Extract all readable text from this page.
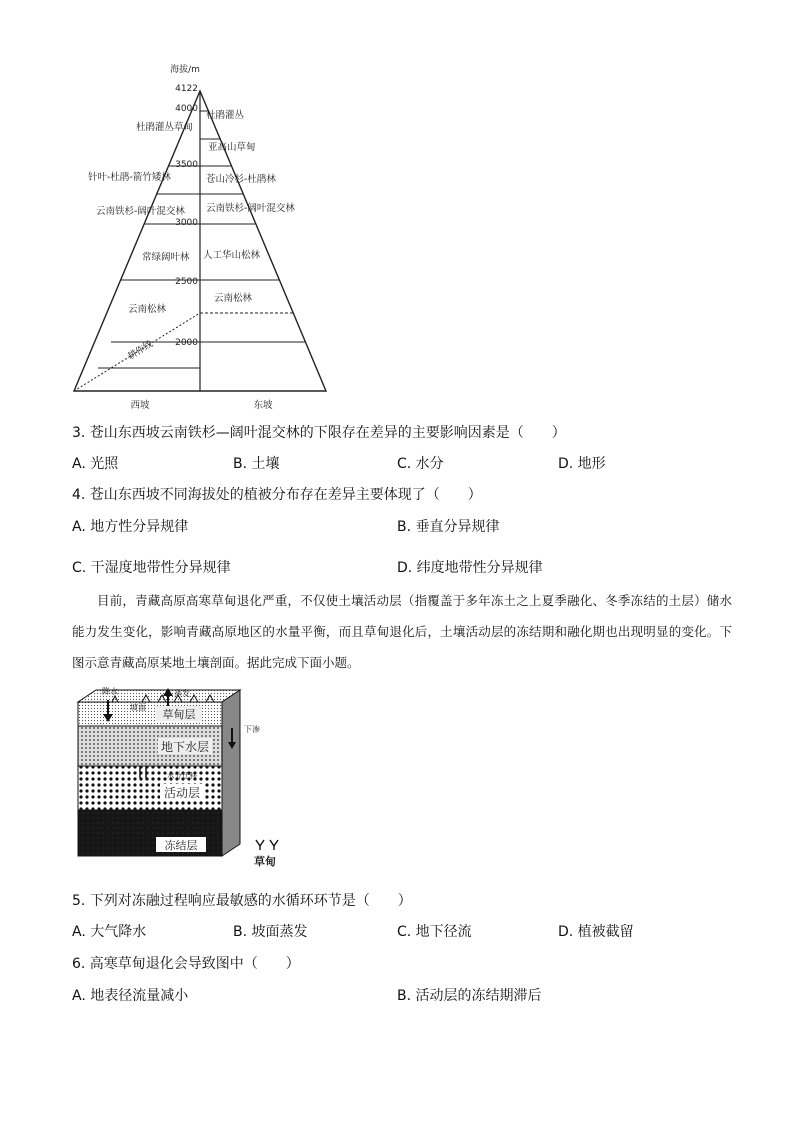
海拔/m
4122
4000
3500
3000
2500
2000
杜鹃灌丛草甸
针叶-杜鹃-箭竹矮林
云南铁杉-阔叶混交林
常绿阔叶林
云南松林
耕作线
杜鹃灌丛
亚高山草甸
苍山冷杉-杜鹃林
云南铁杉-阔叶混交林
人工华山松林
云南松林
西坡	东坡
3. 苍山东西坡云南铁杉—阔叶混交林的下限存在差异的主要影响因素是（　　）
A. 光照	B. 土壤	C. 水分	D. 地形
4. 苍山东西坡不同海拔处的植被分布存在差异主要体现了（　　）
A. 地方性分异规律	B. 垂直分异规律
C. 干湿度地带性分异规律	D. 纬度地带性分异规律

目前，青藏高原高寒草甸退化严重，不仅使土壤活动层（指覆盖于多年冻土之上夏季融化、冬季冻结的土层）储水能力发生变化，影响青藏高原地区的水量平衡，而且草甸退化后，土壤活动层的冻结期和融化期也出现明显的变化。下图示意青藏高原某地土壤剖面。据此完成下面小题。

降水	蒸发
坡面
下渗
草甸层
地下水层
水分迁移
活动层
冻结层
草甸
5. 下列对冻融过程响应最敏感的水循环环节是（　　）
A. 大气降水	B. 坡面蒸发	C. 地下径流	D. 植被截留
6. 高寒草甸退化会导致图中（　　）
A. 地表径流量减小	B. 活动层的冻结期滞后
